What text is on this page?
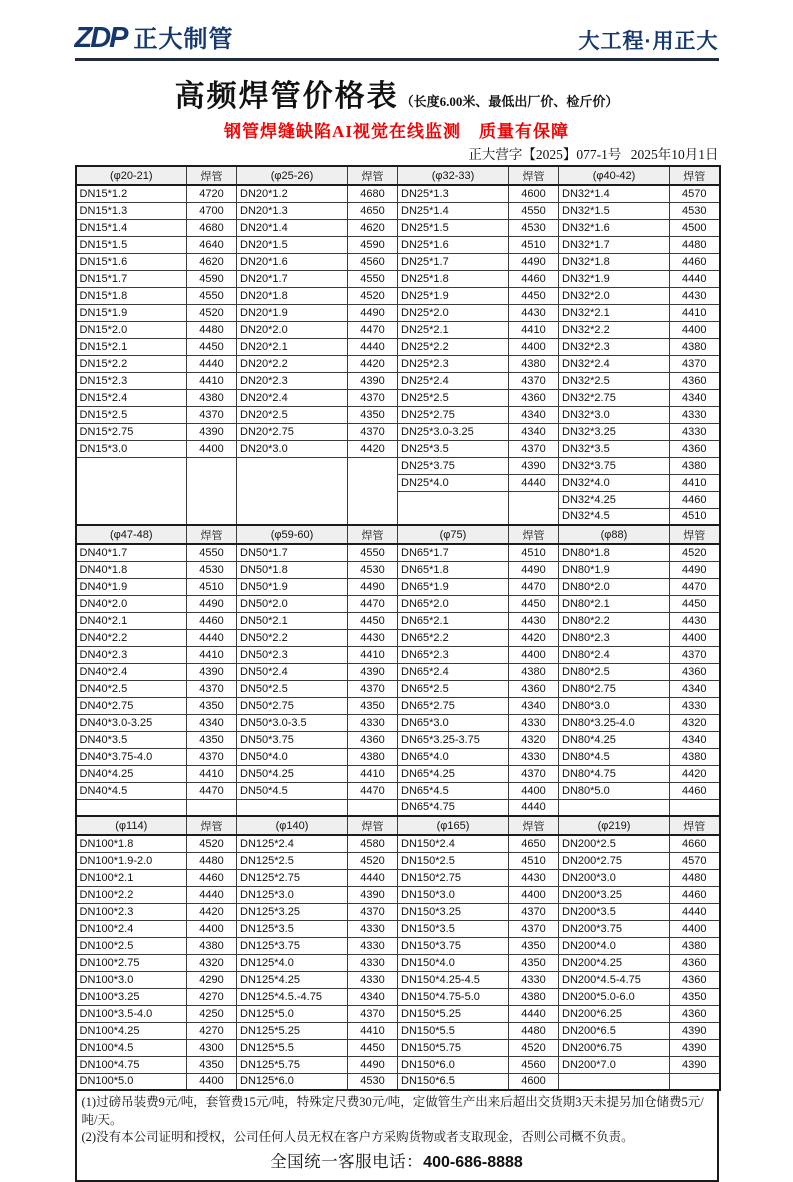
ZDP 正大制管	大工程·用正大
高频焊管价格表 （长度6.00米、最低出厂价、检斤价）
钢管焊缝缺陷AI视觉在线监测　质量有保障
正大营字【2025】077-1号 2025年10月1日
(φ20-21)	焊管	(φ25-26)	焊管	(φ32-33)	焊管	(φ40-42)	焊管
DN15*1.2	4720	DN20*1.2	4680	DN25*1.3	4600	DN32*1.4	4570
DN15*1.3	4700	DN20*1.3	4650	DN25*1.4	4550	DN32*1.5	4530
DN15*1.4	4680	DN20*1.4	4620	DN25*1.5	4530	DN32*1.6	4500
DN15*1.5	4640	DN20*1.5	4590	DN25*1.6	4510	DN32*1.7	4480
DN15*1.6	4620	DN20*1.6	4560	DN25*1.7	4490	DN32*1.8	4460
DN15*1.7	4590	DN20*1.7	4550	DN25*1.8	4460	DN32*1.9	4440
DN15*1.8	4550	DN20*1.8	4520	DN25*1.9	4450	DN32*2.0	4430
DN15*1.9	4520	DN20*1.9	4490	DN25*2.0	4430	DN32*2.1	4410
DN15*2.0	4480	DN20*2.0	4470	DN25*2.1	4410	DN32*2.2	4400
DN15*2.1	4450	DN20*2.1	4440	DN25*2.2	4400	DN32*2.3	4380
DN15*2.2	4440	DN20*2.2	4420	DN25*2.3	4380	DN32*2.4	4370
DN15*2.3	4410	DN20*2.3	4390	DN25*2.4	4370	DN32*2.5	4360
DN15*2.4	4380	DN20*2.4	4370	DN25*2.5	4360	DN32*2.75	4340
DN15*2.5	4370	DN20*2.5	4350	DN25*2.75	4340	DN32*3.0	4330
DN15*2.75	4390	DN20*2.75	4370	DN25*3.0-3.25	4340	DN32*3.25	4330
DN15*3.0	4400	DN20*3.0	4420	DN25*3.5	4370	DN32*3.5	4360
				DN25*3.75	4390	DN32*3.75	4380
				DN25*4.0	4440	DN32*4.0	4410
						DN32*4.25	4460
						DN32*4.5	4510
(φ47-48)	焊管	(φ59-60)	焊管	(φ75)	焊管	(φ88)	焊管
DN40*1.7	4550	DN50*1.7	4550	DN65*1.7	4510	DN80*1.8	4520
DN40*1.8	4530	DN50*1.8	4530	DN65*1.8	4490	DN80*1.9	4490
DN40*1.9	4510	DN50*1.9	4490	DN65*1.9	4470	DN80*2.0	4470
DN40*2.0	4490	DN50*2.0	4470	DN65*2.0	4450	DN80*2.1	4450
DN40*2.1	4460	DN50*2.1	4450	DN65*2.1	4430	DN80*2.2	4430
DN40*2.2	4440	DN50*2.2	4430	DN65*2.2	4420	DN80*2.3	4400
DN40*2.3	4410	DN50*2.3	4410	DN65*2.3	4400	DN80*2.4	4370
DN40*2.4	4390	DN50*2.4	4390	DN65*2.4	4380	DN80*2.5	4360
DN40*2.5	4370	DN50*2.5	4370	DN65*2.5	4360	DN80*2.75	4340
DN40*2.75	4350	DN50*2.75	4350	DN65*2.75	4340	DN80*3.0	4330
DN40*3.0-3.25	4340	DN50*3.0-3.5	4330	DN65*3.0	4330	DN80*3.25-4.0	4320
DN40*3.5	4350	DN50*3.75	4360	DN65*3.25-3.75	4320	DN80*4.25	4340
DN40*3.75-4.0	4370	DN50*4.0	4380	DN65*4.0	4330	DN80*4.5	4380
DN40*4.25	4410	DN50*4.25	4410	DN65*4.25	4370	DN80*4.75	4420
DN40*4.5	4470	DN50*4.5	4470	DN65*4.5	4400	DN80*5.0	4460
				DN65*4.75	4440		
(φ114)	焊管	(φ140)	焊管	(φ165)	焊管	(φ219)	焊管
DN100*1.8	4520	DN125*2.4	4580	DN150*2.4	4650	DN200*2.5	4660
DN100*1.9-2.0	4480	DN125*2.5	4520	DN150*2.5	4510	DN200*2.75	4570
DN100*2.1	4460	DN125*2.75	4440	DN150*2.75	4430	DN200*3.0	4480
DN100*2.2	4440	DN125*3.0	4390	DN150*3.0	4400	DN200*3.25	4460
DN100*2.3	4420	DN125*3.25	4370	DN150*3.25	4370	DN200*3.5	4440
DN100*2.4	4400	DN125*3.5	4330	DN150*3.5	4370	DN200*3.75	4400
DN100*2.5	4380	DN125*3.75	4330	DN150*3.75	4350	DN200*4.0	4380
DN100*2.75	4320	DN125*4.0	4330	DN150*4.0	4350	DN200*4.25	4360
DN100*3.0	4290	DN125*4.25	4330	DN150*4.25-4.5	4330	DN200*4.5-4.75	4360
DN100*3.25	4270	DN125*4.5.-4.75	4340	DN150*4.75-5.0	4380	DN200*5.0-6.0	4350
DN100*3.5-4.0	4250	DN125*5.0	4370	DN150*5.25	4440	DN200*6.25	4360
DN100*4.25	4270	DN125*5.25	4410	DN150*5.5	4480	DN200*6.5	4390
DN100*4.5	4300	DN125*5.5	4450	DN150*5.75	4520	DN200*6.75	4390
DN100*4.75	4350	DN125*5.75	4490	DN150*6.0	4560	DN200*7.0	4390
DN100*5.0	4400	DN125*6.0	4530	DN150*6.5	4600		
(1)过磅吊装费9元/吨，套管费15元/吨，特殊定尺费30元/吨，定做管生产出来后超出交货期3天未提另加仓储费5元/吨/天。
(2)没有本公司证明和授权，公司任何人员无权在客户方采购货物或者支取现金，否则公司概不负责。
全国统一客服电话：400-686-8888
